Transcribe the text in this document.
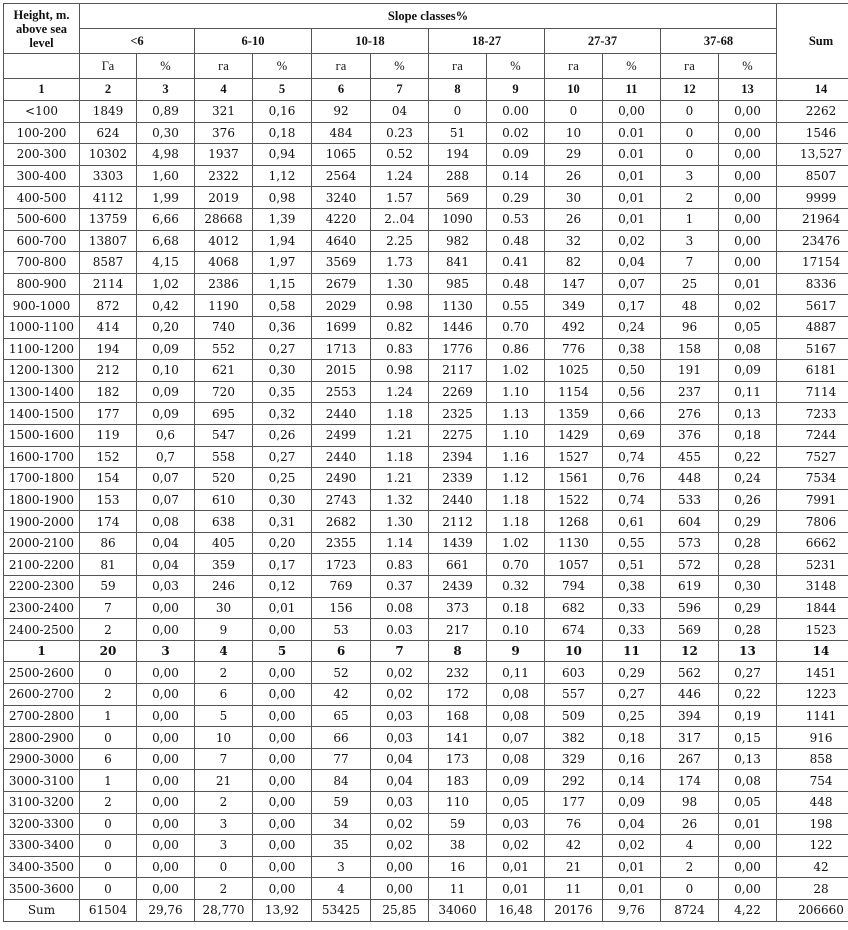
Height, m. above sea level	Slope classes%												Sum
	<6		6-10		10-18		18-27		27-37		37-68		
	Га	%	га	%	га	%	га	%	га	%	га	%	
1	2	3	4	5	6	7	8	9	10	11	12	13	14
<100	1849	0,89	321	0,16	92	04	0	0.00	0	0,00	0	0,00	2262
100-200	624	0,30	376	0,18	484	0.23	51	0.02	10	0.01	0	0,00	1546
200-300	10302	4,98	1937	0,94	1065	0.52	194	0.09	29	0.01	0	0,00	13,527
300-400	3303	1,60	2322	1,12	2564	1.24	288	0.14	26	0,01	3	0,00	8507
400-500	4112	1,99	2019	0,98	3240	1.57	569	0.29	30	0,01	2	0,00	9999
500-600	13759	6,66	28668	1,39	4220	2..04	1090	0.53	26	0,01	1	0,00	21964
600-700	13807	6,68	4012	1,94	4640	2.25	982	0.48	32	0,02	3	0,00	23476
700-800	8587	4,15	4068	1,97	3569	1.73	841	0.41	82	0,04	7	0,00	17154
800-900	2114	1,02	2386	1,15	2679	1.30	985	0.48	147	0,07	25	0,01	8336
900-1000	872	0,42	1190	0,58	2029	0.98	1130	0.55	349	0,17	48	0,02	5617
1000-1100	414	0,20	740	0,36	1699	0.82	1446	0.70	492	0,24	96	0,05	4887
1100-1200	194	0,09	552	0,27	1713	0.83	1776	0.86	776	0,38	158	0,08	5167
1200-1300	212	0,10	621	0,30	2015	0.98	2117	1.02	1025	0,50	191	0,09	6181
1300-1400	182	0,09	720	0,35	2553	1.24	2269	1.10	1154	0,56	237	0,11	7114
1400-1500	177	0,09	695	0,32	2440	1.18	2325	1.13	1359	0,66	276	0,13	7233
1500-1600	119	0,6	547	0,26	2499	1.21	2275	1.10	1429	0,69	376	0,18	7244
1600-1700	152	0,7	558	0,27	2440	1.18	2394	1.16	1527	0,74	455	0,22	7527
1700-1800	154	0,07	520	0,25	2490	1.21	2339	1.12	1561	0,76	448	0,24	7534
1800-1900	153	0,07	610	0,30	2743	1.32	2440	1.18	1522	0,74	533	0,26	7991
1900-2000	174	0,08	638	0,31	2682	1.30	2112	1.18	1268	0,61	604	0,29	7806
2000-2100	86	0,04	405	0,20	2355	1.14	1439	1.02	1130	0,55	573	0,28	6662
2100-2200	81	0,04	359	0,17	1723	0.83	661	0.70	1057	0,51	572	0,28	5231
2200-2300	59	0,03	246	0,12	769	0.37	2439	0.32	794	0,38	619	0,30	3148
2300-2400	7	0,00	30	0,01	156	0.08	373	0.18	682	0,33	596	0,29	1844
2400-2500	2	0,00	9	0,00	53	0.03	217	0.10	674	0,33	569	0,28	1523
1	20	3	4	5	6	7	8	9	10	11	12	13	14
2500-2600	0	0,00	2	0,00	52	0,02	232	0,11	603	0,29	562	0,27	1451
2600-2700	2	0,00	6	0,00	42	0,02	172	0,08	557	0,27	446	0,22	1223
2700-2800	1	0,00	5	0,00	65	0,03	168	0,08	509	0,25	394	0,19	1141
2800-2900	0	0,00	10	0,00	66	0,03	141	0,07	382	0,18	317	0,15	916
2900-3000	6	0,00	7	0,00	77	0,04	173	0,08	329	0,16	267	0,13	858
3000-3100	1	0,00	21	0,00	84	0,04	183	0,09	292	0,14	174	0,08	754
3100-3200	2	0,00	2	0,00	59	0,03	110	0,05	177	0,09	98	0,05	448
3200-3300	0	0,00	3	0,00	34	0,02	59	0,03	76	0,04	26	0,01	198
3300-3400	0	0,00	3	0,00	35	0,02	38	0,02	42	0,02	4	0,00	122
3400-3500	0	0,00	0	0,00	3	0,00	16	0,01	21	0,01	2	0,00	42
3500-3600	0	0,00	2	0,00	4	0,00	11	0,01	11	0,01	0	0,00	28
Sum	61504	29,76	28,770	13,92	53425	25,85	34060	16,48	20176	9,76	8724	4,22	206660
